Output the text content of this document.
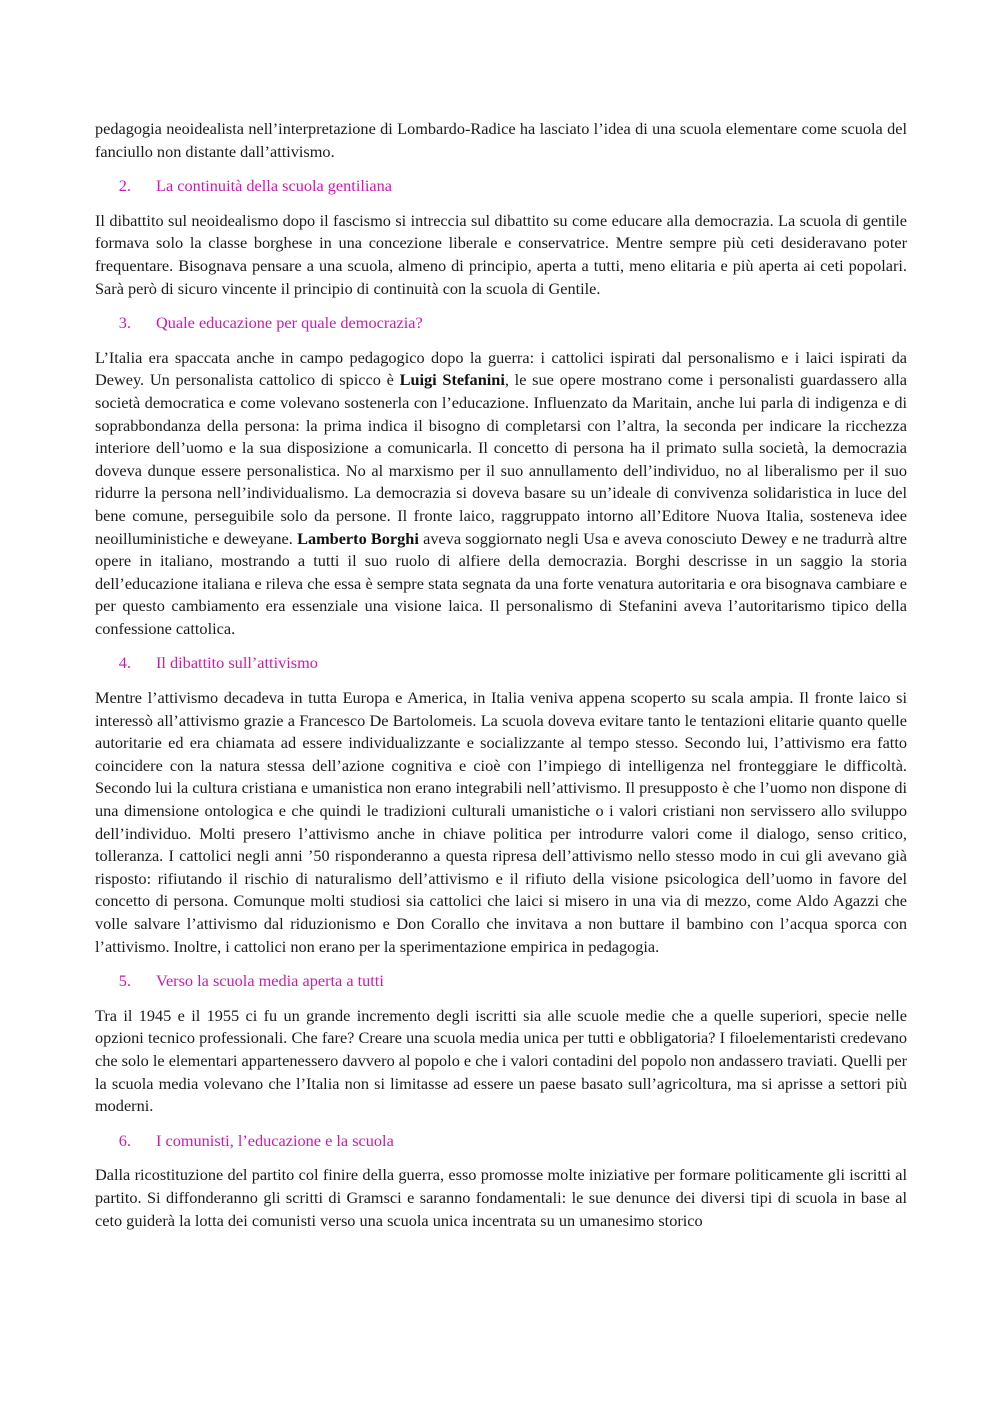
pedagogia neoidealista nell’interpretazione di Lombardo-Radice ha lasciato l’idea di una scuola elementare come scuola del fanciullo non distante dall’attivismo.

2.	La continuità della scuola gentiliana

Il dibattito sul neoidealismo dopo il fascismo si intreccia sul dibattito su come educare alla democrazia. La scuola di gentile formava solo la classe borghese in una concezione liberale e conservatrice. Mentre sempre più ceti desideravano poter frequentare. Bisognava pensare a una scuola, almeno di principio, aperta a tutti, meno elitaria e più aperta ai ceti popolari. Sarà però di sicuro vincente il principio di continuità con la scuola di Gentile.

3.	Quale educazione per quale democrazia?

L’Italia era spaccata anche in campo pedagogico dopo la guerra: i cattolici ispirati dal personalismo e i laici ispirati da Dewey. Un personalista cattolico di spicco è Luigi Stefanini, le sue opere mostrano come i personalisti guardassero alla società democratica e come volevano sostenerla con l’educazione. Influenzato da Maritain, anche lui parla di indigenza e di soprabbondanza della persona: la prima indica il bisogno di completarsi con l’altra, la seconda per indicare la ricchezza interiore dell’uomo e la sua disposizione a comunicarla. Il concetto di persona ha il primato sulla società, la democrazia doveva dunque essere personalistica. No al marxismo per il suo annullamento dell’individuo, no al liberalismo per il suo ridurre la persona nell’individualismo. La democrazia si doveva basare su un’ideale di convivenza solidaristica in luce del bene comune, perseguibile solo da persone. Il fronte laico, raggruppato intorno all’Editore Nuova Italia, sosteneva idee neoilluministiche e deweyane. Lamberto Borghi aveva soggiornato negli Usa e aveva conosciuto Dewey e ne tradurrà altre opere in italiano, mostrando a tutti il suo ruolo di alfiere della democrazia. Borghi descrisse in un saggio la storia dell’educazione italiana e rileva che essa è sempre stata segnata da una forte venatura autoritaria e ora bisognava cambiare e per questo cambiamento era essenziale una visione laica. Il personalismo di Stefanini aveva l’autoritarismo tipico della confessione cattolica.

4.	Il dibattito sull’attivismo

Mentre l’attivismo decadeva in tutta Europa e America, in Italia veniva appena scoperto su scala ampia. Il fronte laico si interessò all’attivismo grazie a Francesco De Bartolomeis. La scuola doveva evitare tanto le tentazioni elitarie quanto quelle autoritarie ed era chiamata ad essere individualizzante e socializzante al tempo stesso. Secondo lui, l’attivismo era fatto coincidere con la natura stessa dell’azione cognitiva e cioè con l’impiego di intelligenza nel fronteggiare le difficoltà. Secondo lui la cultura cristiana e umanistica non erano integrabili nell’attivismo. Il presupposto è che l’uomo non dispone di una dimensione ontologica e che quindi le tradizioni culturali umanistiche o i valori cristiani non servissero allo sviluppo dell’individuo. Molti presero l’attivismo anche in chiave politica per introdurre valori come il dialogo, senso critico, tolleranza. I cattolici negli anni ’50 risponderanno a questa ripresa dell’attivismo nello stesso modo in cui gli avevano già risposto: rifiutando il rischio di naturalismo dell’attivismo e il rifiuto della visione psicologica dell’uomo in favore del concetto di persona. Comunque molti studiosi sia cattolici che laici si misero in una via di mezzo, come Aldo Agazzi che volle salvare l’attivismo dal riduzionismo e Don Corallo che invitava a non buttare il bambino con l’acqua sporca con l’attivismo. Inoltre, i cattolici non erano per la sperimentazione empirica in pedagogia.

5.	Verso la scuola media aperta a tutti

Tra il 1945 e il 1955 ci fu un grande incremento degli iscritti sia alle scuole medie che a quelle superiori, specie nelle opzioni tecnico professionali. Che fare? Creare una scuola media unica per tutti e obbligatoria? I filoelementaristi credevano che solo le elementari appartenessero davvero al popolo e che i valori contadini del popolo non andassero traviati. Quelli per la scuola media volevano che l’Italia non si limitasse ad essere un paese basato sull’agricoltura, ma si aprisse a settori più moderni.

6.	I comunisti, l’educazione e la scuola

Dalla ricostituzione del partito col finire della guerra, esso promosse molte iniziative per formare politicamente gli iscritti al partito. Si diffonderanno gli scritti di Gramsci e saranno fondamentali: le sue denunce dei diversi tipi di scuola in base al ceto guiderà la lotta dei comunisti verso una scuola unica incentrata su un umanesimo storico
